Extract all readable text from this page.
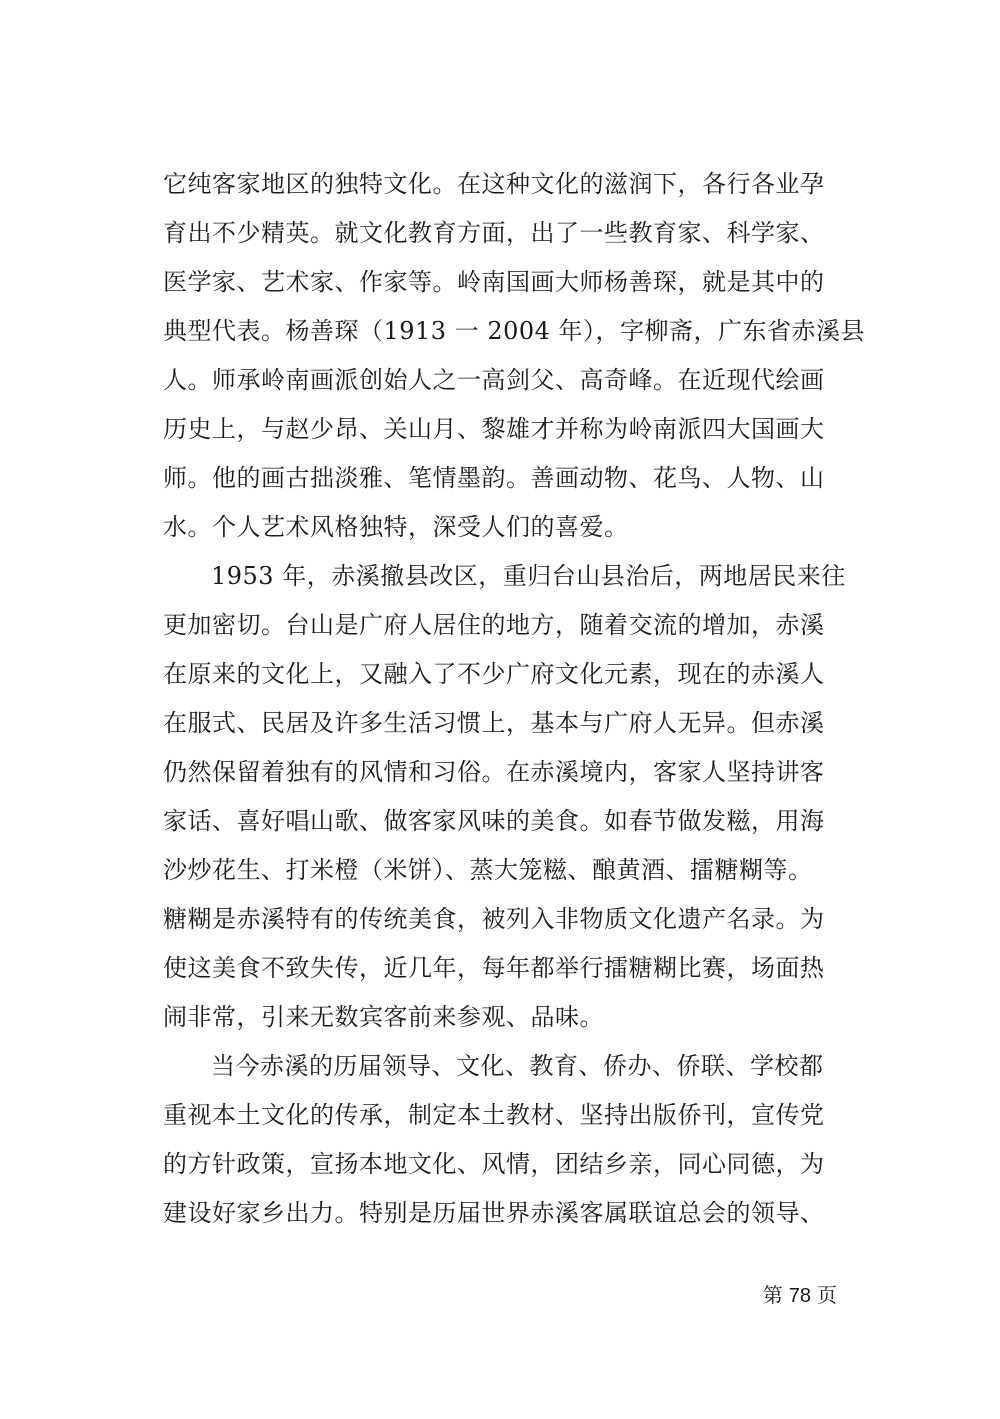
它纯客家地区的独特文化。在这种文化的滋润下，各行各业孕
育出不少精英。就文化教育方面，出了一些教育家、科学家、
医学家、艺术家、作家等。岭南国画大师杨善琛，就是其中的
典型代表。杨善琛（1913 一 2004 年），字柳斋，广东省赤溪县
人。师承岭南画派创始人之一高剑父、高奇峰。在近现代绘画
历史上，与赵少昂、关山月、黎雄才并称为岭南派四大国画大
师。他的画古拙淡雅、笔情墨韵。善画动物、花鸟、人物、山
水。个人艺术风格独特，深受人们的喜爱。
1953 年，赤溪撤县改区，重归台山县治后，两地居民来往
更加密切。台山是广府人居住的地方，随着交流的增加，赤溪
在原来的文化上，又融入了不少广府文化元素，现在的赤溪人
在服式、民居及许多生活习惯上，基本与广府人无异。但赤溪
仍然保留着独有的风情和习俗。在赤溪境内，客家人坚持讲客
家话、喜好唱山歌、做客家风味的美食。如春节做发糍，用海
沙炒花生、打米橙（米饼）、蒸大笼糍、酿黄酒、擂糖糊等。
糖糊是赤溪特有的传统美食，被列入非物质文化遗产名录。为
使这美食不致失传，近几年，每年都举行擂糖糊比赛，场面热
闹非常，引来无数宾客前来参观、品味。
当今赤溪的历届领导、文化、教育、侨办、侨联、学校都
重视本土文化的传承，制定本土教材、坚持出版侨刊，宣传党
的方针政策，宣扬本地文化、风情，团结乡亲，同心同德，为
建设好家乡出力。特别是历届世界赤溪客属联谊总会的领导、
第 78 页
